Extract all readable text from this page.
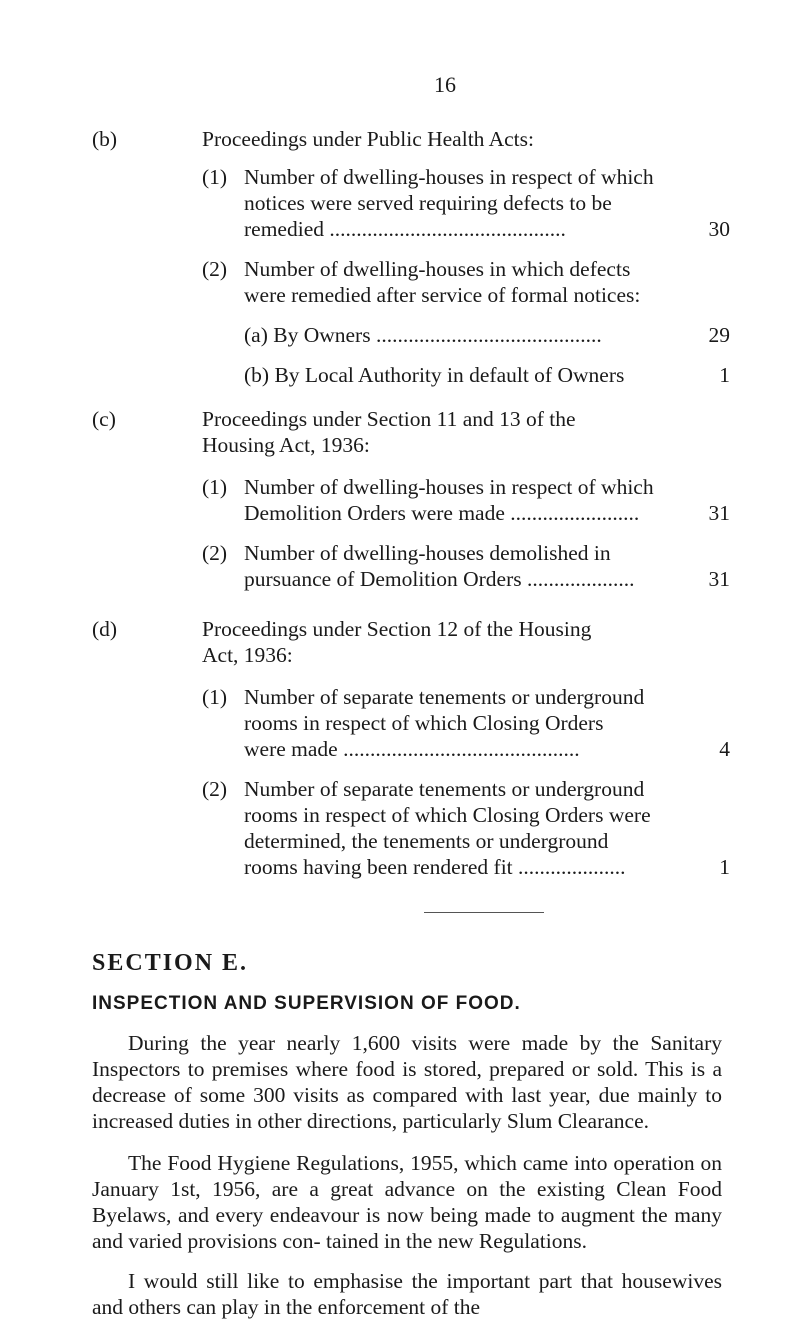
16
(b)	Proceedings under Public Health Acts:
(1) Number of dwelling-houses in respect of which
notices were served requiring defects to be
remedied ............................................	30
(2) Number of dwelling-houses in which defects
were remedied after service of formal notices:
(a) By Owners ..........................................	29
(b) By Local Authority in default of Owners	1
(c)	Proceedings under Section 11 and 13 of the
Housing Act, 1936:
(1) Number of dwelling-houses in respect of which
Demolition Orders were made ........................	31
(2) Number of dwelling-houses demolished in
pursuance of Demolition Orders ....................	31
(d)	Proceedings under Section 12 of the Housing
Act, 1936:
(1) Number of separate tenements or underground
rooms in respect of which Closing Orders
were made ............................................	4
(2) Number of separate tenements or underground
rooms in respect of which Closing Orders were
determined, the tenements or underground
rooms having been rendered fit ....................	1
SECTION E.
INSPECTION AND SUPERVISION OF FOOD.
During the year nearly 1,600 visits were made by the Sanitary Inspectors to premises where food is stored, prepared or sold. This is a decrease of some 300 visits as compared with last year, due mainly to increased duties in other directions, particularly Slum Clearance.
The Food Hygiene Regulations, 1955, which came into operation on January 1st, 1956, are a great advance on the existing Clean Food Byelaws, and every endeavour is now being made to augment the many and varied provisions con- tained in the new Regulations.
I would still like to emphasise the important part that housewives and others can play in the enforcement of the
